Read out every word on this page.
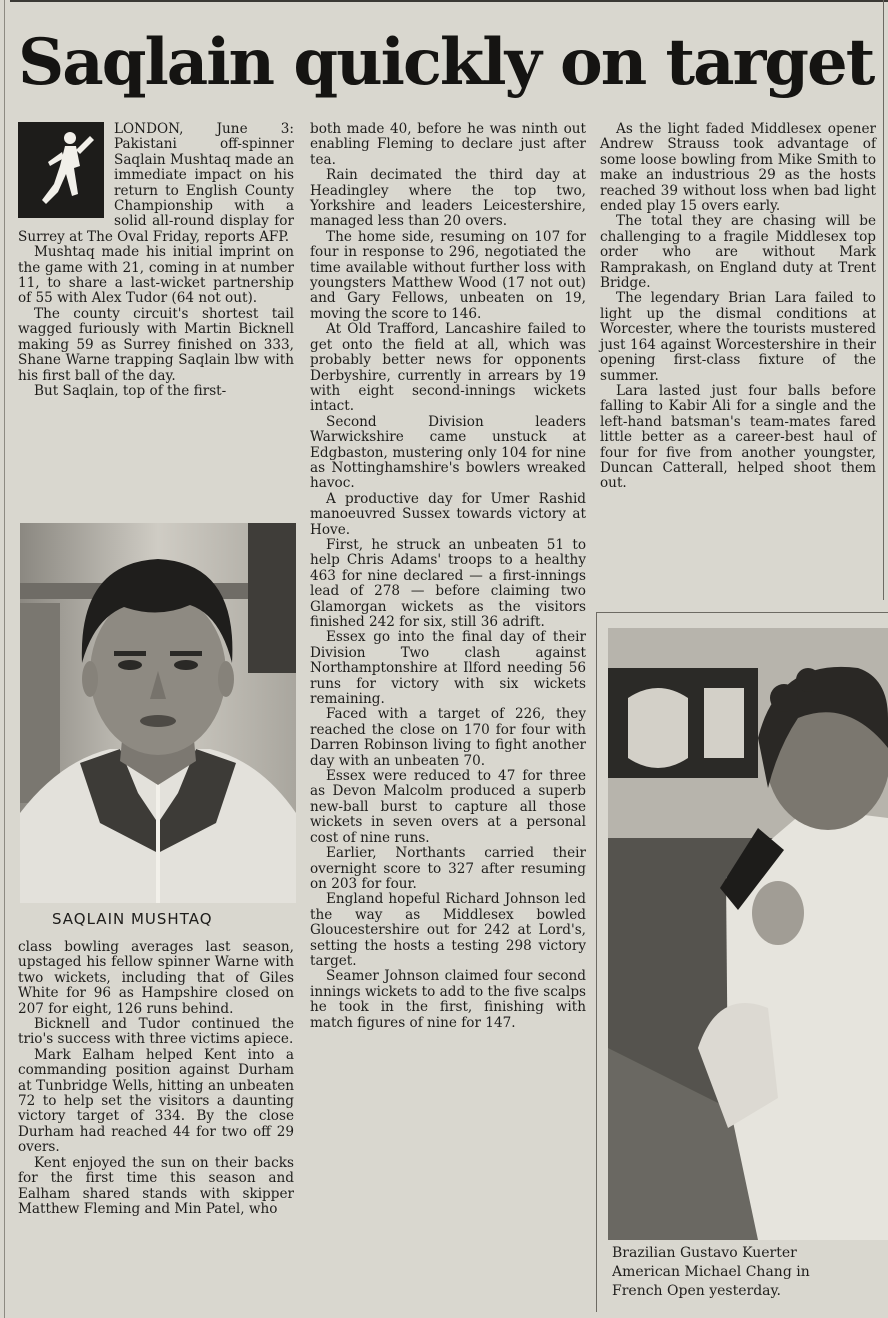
Saqlain quickly on target

LONDON, June 3: Pakistani off-spinner Saqlain Mushtaq made an immediate impact on his return to English County Championship with a solid all-round display for Surrey at The Oval Friday, reports AFP.

Mushtaq made his initial imprint on the game with 21, coming in at number 11, to share a last-wicket partnership of 55 with Alex Tudor (64 not out).

The county circuit's shortest tail wagged furiously with Martin Bicknell making 59 as Surrey finished on 333, Shane Warne trapping Saqlain lbw with his first ball of the day.

But Saqlain, top of the first-

SAQLAIN MUSHTAQ

class bowling averages last season, upstaged his fellow spinner Warne with two wickets, including that of Giles White for 96 as Hampshire closed on 207 for eight, 126 runs behind.

Bicknell and Tudor continued the trio's success with three victims apiece.

Mark Ealham helped Kent into a commanding position against Durham at Tunbridge Wells, hitting an unbeaten 72 to help set the visitors a daunting victory target of 334. By the close Durham had reached 44 for two off 29 overs.

Kent enjoyed the sun on their backs for the first time this season and Ealham shared stands with skipper Matthew Fleming and Min Patel, who

both made 40, before he was ninth out enabling Fleming to declare just after tea.

Rain decimated the third day at Headingley where the top two, Yorkshire and leaders Leicestershire, managed less than 20 overs.

The home side, resuming on 107 for four in response to 296, negotiated the time available without further loss with youngsters Matthew Wood (17 not out) and Gary Fellows, unbeaten on 19, moving the score to 146.

At Old Trafford, Lancashire failed to get onto the field at all, which was probably better news for opponents Derbyshire, currently in arrears by 19 with eight second-innings wickets intact.

Second Division leaders Warwickshire came unstuck at Edgbaston, mustering only 104 for nine as Nottinghamshire's bowlers wreaked havoc.

A productive day for Umer Rashid manoeuvred Sussex towards victory at Hove.

First, he struck an unbeaten 51 to help Chris Adams' troops to a healthy 463 for nine declared — a first-innings lead of 278 — before claiming two Glamorgan wickets as the visitors finished 242 for six, still 36 adrift.

Essex go into the final day of their Division Two clash against Northamptonshire at Ilford needing 56 runs for victory with six wickets remaining.

Faced with a target of 226, they reached the close on 170 for four with Darren Robinson living to fight another day with an unbeaten 70.

Essex were reduced to 47 for three as Devon Malcolm produced a superb new-ball burst to capture all those wickets in seven overs at a personal cost of nine runs.

Earlier, Northants carried their overnight score to 327 after resuming on 203 for four.

England hopeful Richard Johnson led the way as Middlesex bowled Gloucestershire out for 242 at Lord's, setting the hosts a testing 298 victory target.

Seamer Johnson claimed four second innings wickets to add to the five scalps he took in the first, finishing with match figures of nine for 147.

As the light faded Middlesex opener Andrew Strauss took advantage of some loose bowling from Mike Smith to make an industrious 29 as the hosts reached 39 without loss when bad light ended play 15 overs early.

The total they are chasing will be challenging to a fragile Middlesex top order who are without Mark Ramprakash, on England duty at Trent Bridge.

The legendary Brian Lara failed to light up the dismal conditions at Worcester, where the tourists mustered just 164 against Worcestershire in their opening first-class fixture of the summer.

Lara lasted just four balls before falling to Kabir Ali for a single and the left-hand batsman's team-mates fared little better as a career-best haul of four for five from another youngster, Duncan Catterall, helped shoot them out.

Brazilian Gustavo Kuerter
American Michael Chang in
French Open yesterday.
